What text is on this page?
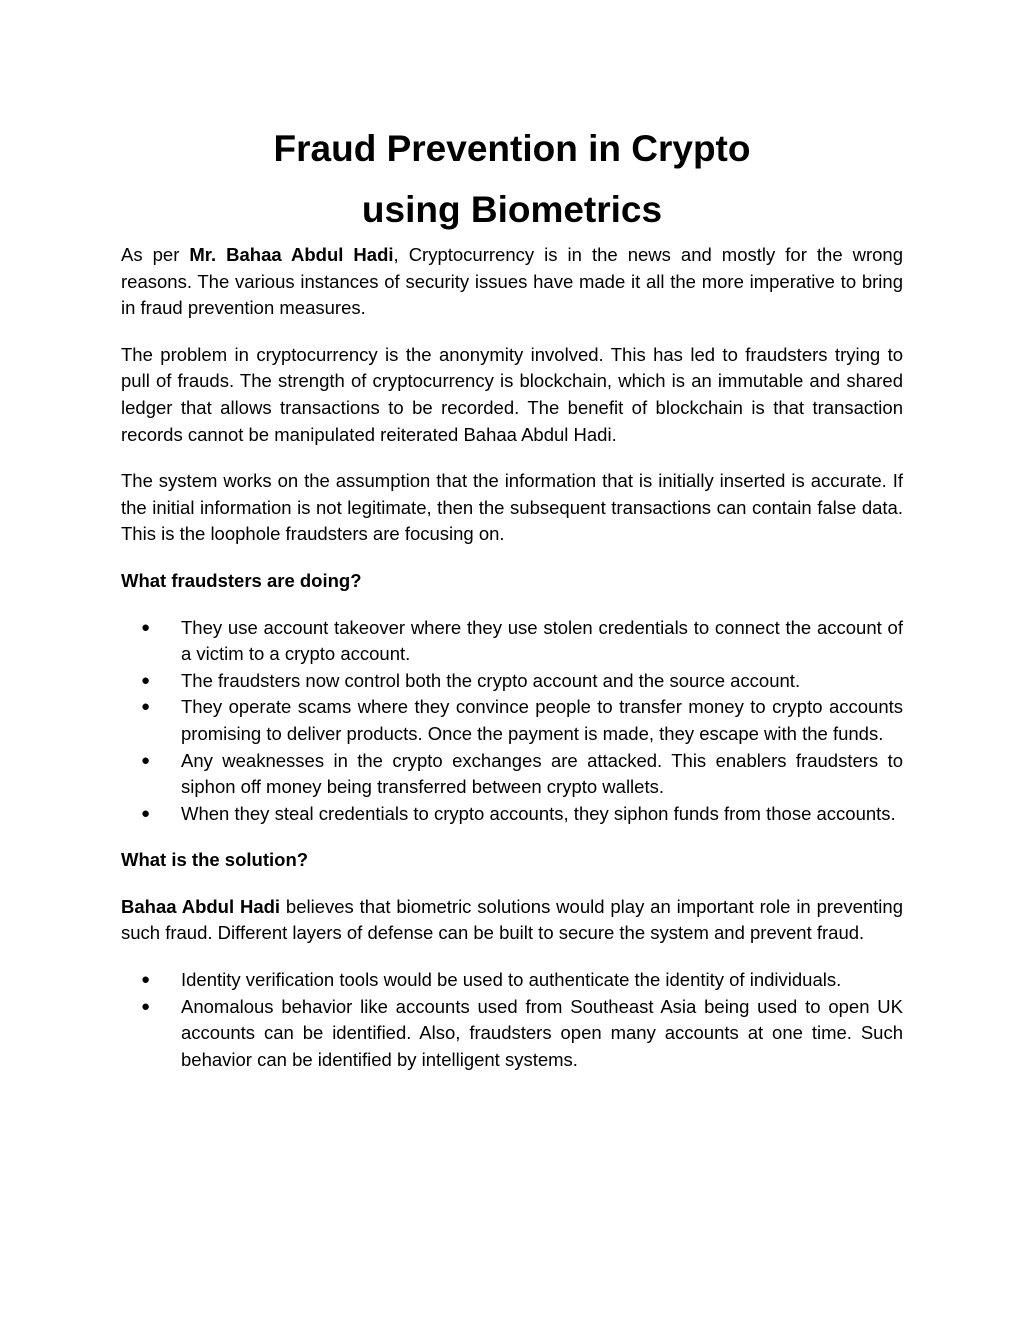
Fraud Prevention in Crypto
using Biometrics

As per Mr. Bahaa Abdul Hadi, Cryptocurrency is in the news and mostly for the wrong reasons. The various instances of security issues have made it all the more imperative to bring in fraud prevention measures.

The problem in cryptocurrency is the anonymity involved. This has led to fraudsters trying to pull of frauds. The strength of cryptocurrency is blockchain, which is an immutable and shared ledger that allows transactions to be recorded. The benefit of blockchain is that transaction records cannot be manipulated reiterated Bahaa Abdul Hadi.

The system works on the assumption that the information that is initially inserted is accurate. If the initial information is not legitimate, then the subsequent transactions can contain false data. This is the loophole fraudsters are focusing on.

What fraudsters are doing?

● They use account takeover where they use stolen credentials to connect the account of a victim to a crypto account.
● The fraudsters now control both the crypto account and the source account.
● They operate scams where they convince people to transfer money to crypto accounts promising to deliver products. Once the payment is made, they escape with the funds.
● Any weaknesses in the crypto exchanges are attacked. This enablers fraudsters to siphon off money being transferred between crypto wallets.
● When they steal credentials to crypto accounts, they siphon funds from those accounts.

What is the solution?

Bahaa Abdul Hadi believes that biometric solutions would play an important role in preventing such fraud. Different layers of defense can be built to secure the system and prevent fraud.

● Identity verification tools would be used to authenticate the identity of individuals.
● Anomalous behavior like accounts used from Southeast Asia being used to open UK accounts can be identified. Also, fraudsters open many accounts at one time. Such behavior can be identified by intelligent systems.
